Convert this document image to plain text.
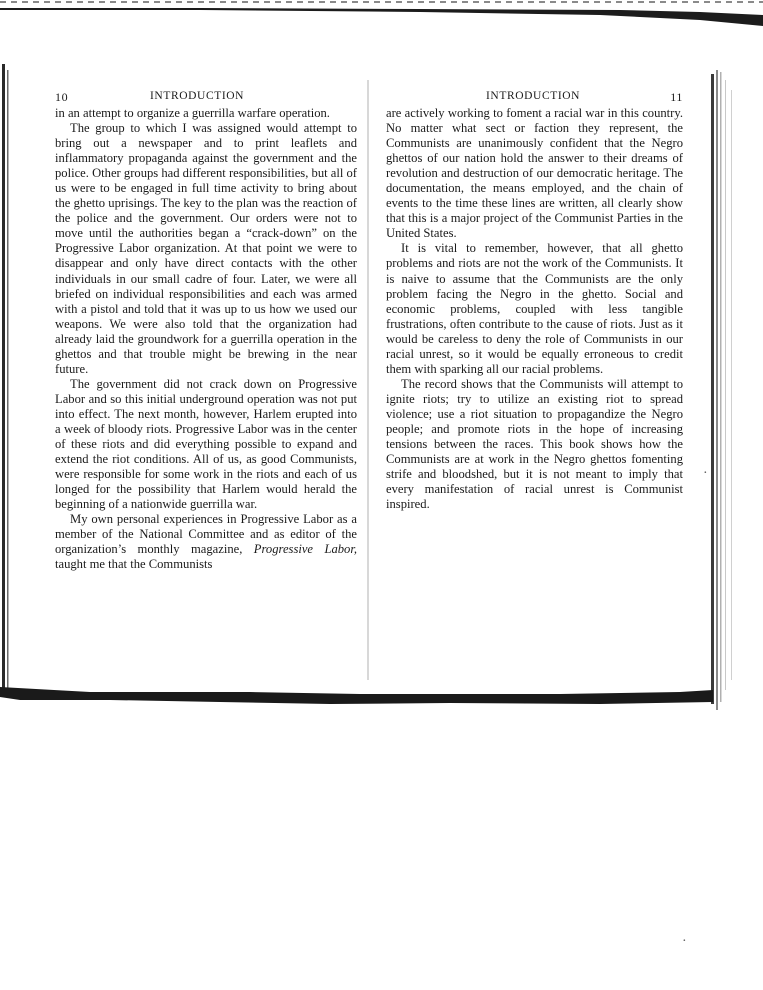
10	INTRODUCTION

in an attempt to organize a guerrilla warfare operation.

The group to which I was assigned would attempt to bring out a newspaper and to print leaflets and inflammatory propaganda against the government and the police. Other groups had different responsibilities, but all of us were to be engaged in full time activity to bring about the ghetto uprisings. The key to the plan was the reaction of the police and the government. Our orders were not to move until the authorities began a “crack-down” on the Progressive Labor organization. At that point we were to disappear and only have direct contacts with the other individuals in our small cadre of four. Later, we were all briefed on individual responsibilities and each was armed with a pistol and told that it was up to us how we used our weapons. We were also told that the organization had already laid the groundwork for a guerrilla operation in the ghettos and that trouble might be brewing in the near future.

The government did not crack down on Progressive Labor and so this initial underground operation was not put into effect. The next month, however, Harlem erupted into a week of bloody riots. Progressive Labor was in the center of these riots and did everything possible to expand and extend the riot conditions. All of us, as good Communists, were responsible for some work in the riots and each of us longed for the possibility that Harlem would herald the beginning of a nationwide guerrilla war.

My own personal experiences in Progressive Labor as a member of the National Committee and as editor of the organization’s monthly magazine, Progressive Labor, taught me that the Communists

INTRODUCTION	11

are actively working to foment a racial war in this country. No matter what sect or faction they represent, the Communists are unanimously confident that the Negro ghettos of our nation hold the answer to their dreams of revolution and destruction of our democratic heritage. The documentation, the means employed, and the chain of events to the time these lines are written, all clearly show that this is a major project of the Communist Parties in the United States.

It is vital to remember, however, that all ghetto problems and riots are not the work of the Communists. It is naive to assume that the Communists are the only problem facing the Negro in the ghetto. Social and economic problems, coupled with less tangible frustrations, often contribute to the cause of riots. Just as it would be careless to deny the role of Communists in our racial unrest, so it would be equally erroneous to credit them with sparking all our racial problems.

The record shows that the Communists will attempt to ignite riots; try to utilize an existing riot to spread violence; use a riot situation to propagandize the Negro people; and promote riots in the hope of increasing tensions between the races. This book shows how the Communists are at work in the Negro ghettos fomenting strife and bloodshed, but it is not meant to imply that every manifestation of racial unrest is Communist inspired.

·
·
